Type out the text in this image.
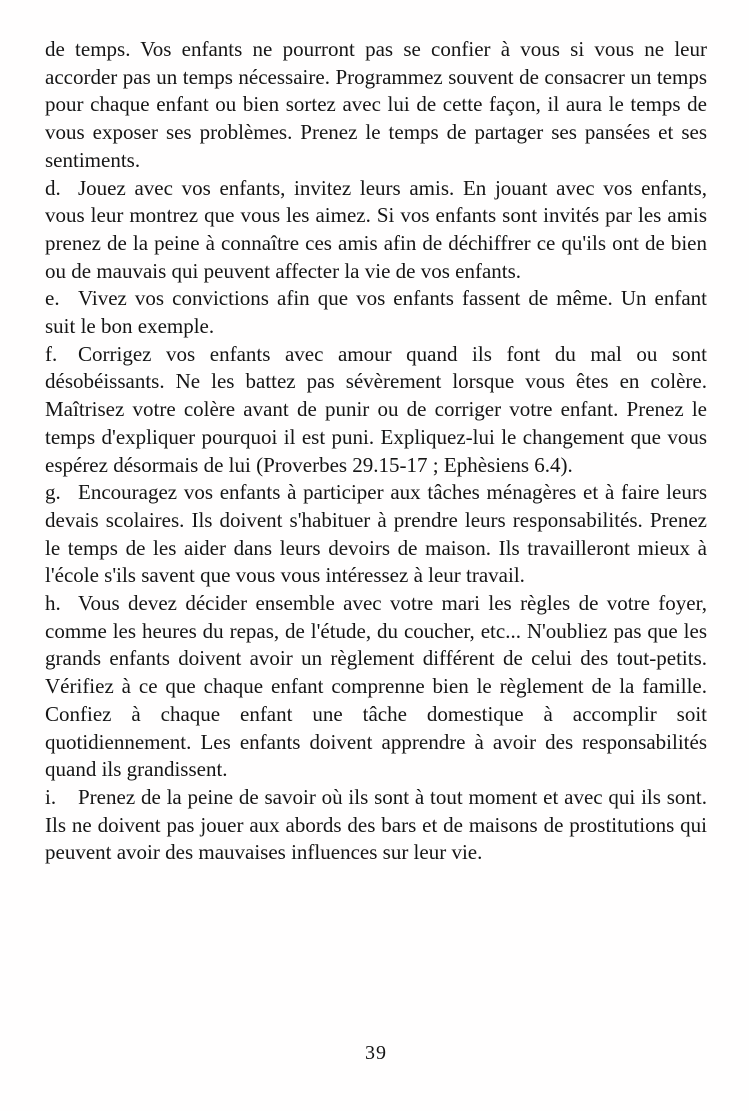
de temps. Vos enfants ne pourront pas se confier à vous si vous ne leur accorder pas un temps nécessaire. Programmez souvent de consacrer un temps pour chaque enfant ou bien sortez avec lui de cette façon, il aura le temps de vous exposer ses problèmes. Prenez le temps de partager ses pansées et ses sentiments.

d. Jouez avec vos enfants, invitez leurs amis. En jouant avec vos enfants, vous leur montrez que vous les aimez. Si vos enfants sont invités par les amis prenez de la peine à connaître ces amis afin de déchiffrer ce qu'ils ont de bien ou de mauvais qui peuvent affecter la vie de vos enfants.

e. Vivez vos convictions afin que vos enfants fassent de même. Un enfant suit le bon exemple.

f. Corrigez vos enfants avec amour quand ils font du mal ou sont désobéissants. Ne les battez pas sévèrement lorsque vous êtes en colère. Maîtrisez votre colère avant de punir ou de corriger votre enfant. Prenez le temps d'expliquer pourquoi il est puni. Expliquez-lui le changement que vous espérez désormais de lui (Proverbes 29.15-17 ; Ephèsiens 6.4).

g. Encouragez vos enfants à participer aux tâches ménagères et à faire leurs devais scolaires. Ils doivent s'habituer à prendre leurs responsabilités. Prenez le temps de les aider dans leurs devoirs de maison. Ils travailleront mieux à l'école s'ils savent que vous vous intéressez à leur travail.

h. Vous devez décider ensemble avec votre mari les règles de votre foyer, comme les heures du repas, de l'étude, du coucher, etc... N'oubliez pas que les grands enfants doivent avoir un règlement différent de celui des tout-petits. Vérifiez à ce que chaque enfant comprenne bien le règlement de la famille. Confiez à chaque enfant une tâche domestique à accomplir soit quotidiennement. Les enfants doivent apprendre à avoir des responsabilités quand ils grandissent.

i. Prenez de la peine de savoir où ils sont à tout moment et avec qui ils sont. Ils ne doivent pas jouer aux abords des bars et de maisons de prostitutions qui peuvent avoir des mauvaises influences sur leur vie.

39
